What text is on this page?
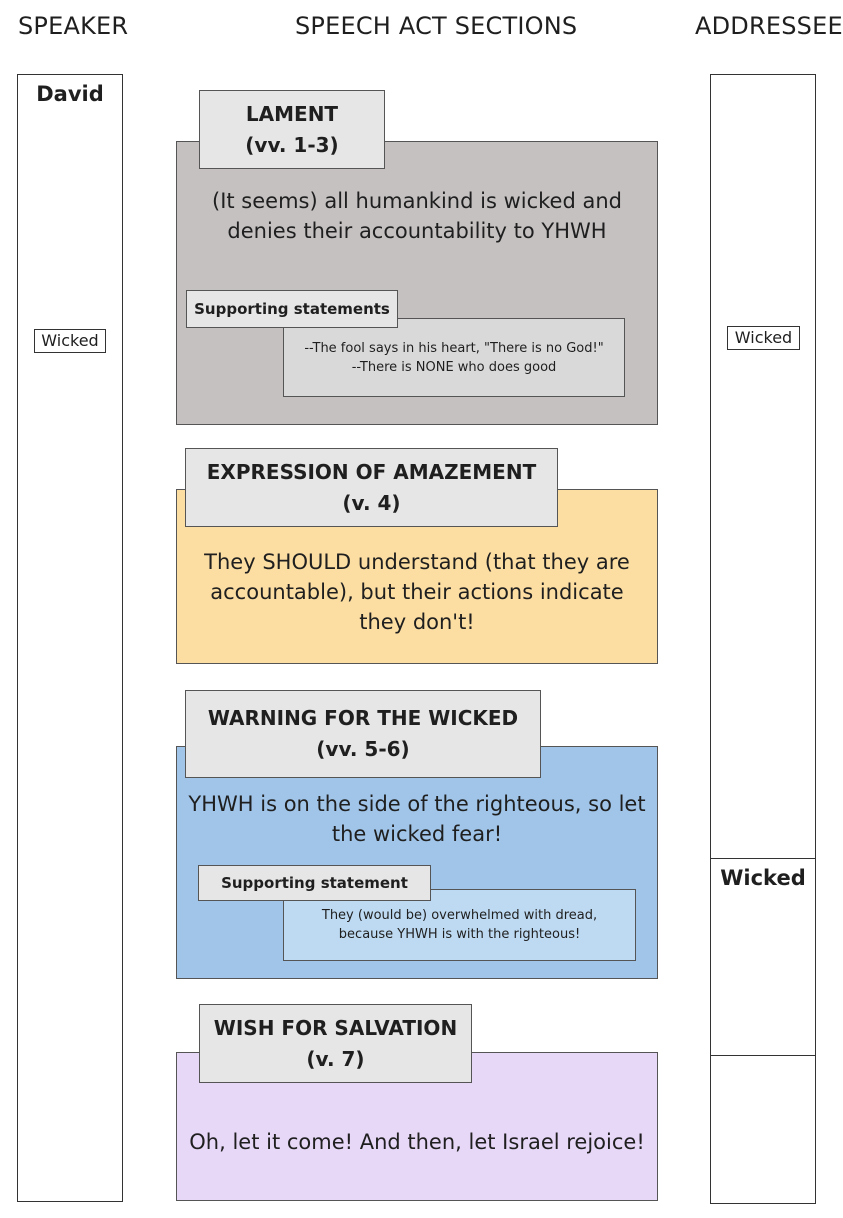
SPEAKER	SPEECH ACT SECTIONS	ADDRESSEE
David
Wicked	Wicked
Wicked
(It seems) all humankind is wicked and denies their accountability to YHWH
LAMENT
(vv. 1-3)
--The fool says in his heart, "There is no God!"
--There is NONE who does good
Supporting statements
They SHOULD understand (that they are accountable), but their actions indicate they don't!
EXPRESSION OF AMAZEMENT
(v. 4)
YHWH is on the side of the righteous, so let the wicked fear!
WARNING FOR THE WICKED
(vv. 5-6)
They (would be) overwhelmed with dread, because YHWH is with the righteous!
Supporting statement
Oh, let it come! And then, let Israel rejoice!
WISH FOR SALVATION
(v. 7)
